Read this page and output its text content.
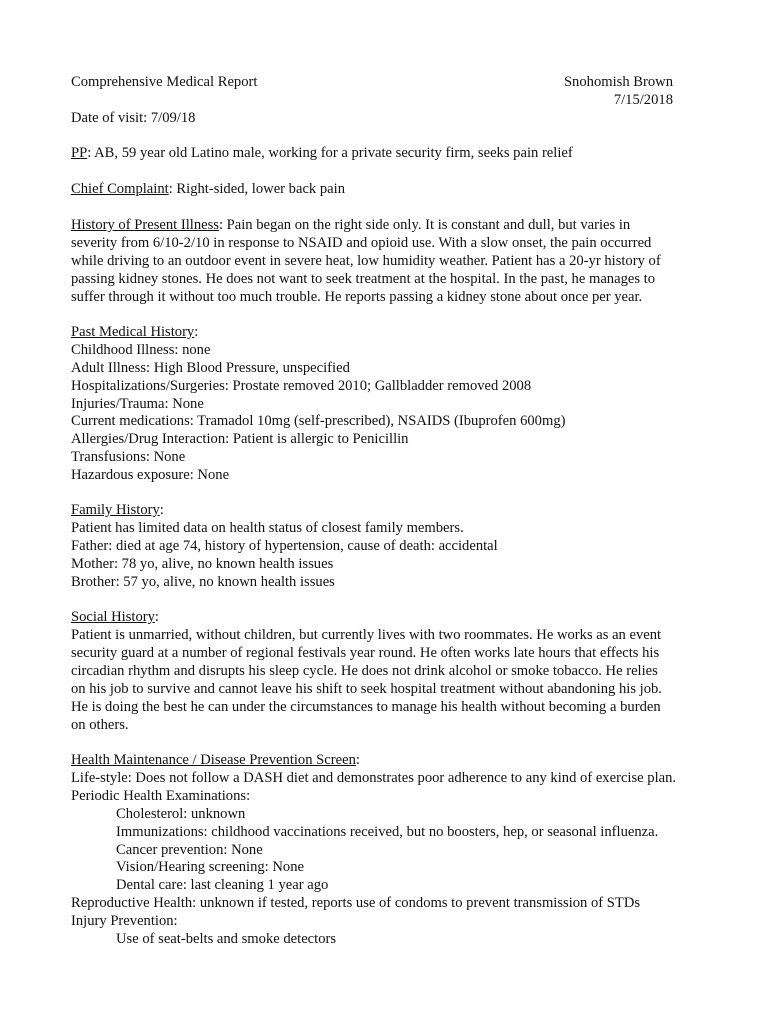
Comprehensive Medical Report	Snohomish Brown
7/15/2018
Date of visit: 7/09/18
PP: AB, 59 year old Latino male, working for a private security firm, seeks pain relief
Chief Complaint: Right-sided, lower back pain
History of Present Illness: Pain began on the right side only. It is constant and dull, but varies in
severity from 6/10-2/10 in response to NSAID and opioid use. With a slow onset, the pain occurred
while driving to an outdoor event in severe heat, low humidity weather. Patient has a 20-yr history of
passing kidney stones. He does not want to seek treatment at the hospital. In the past, he manages to
suffer through it without too much trouble. He reports passing a kidney stone about once per year.
Past Medical History:
Childhood Illness: none
Adult Illness: High Blood Pressure, unspecified
Hospitalizations/Surgeries: Prostate removed 2010; Gallbladder removed 2008
Injuries/Trauma: None
Current medications: Tramadol 10mg (self-prescribed), NSAIDS (Ibuprofen 600mg)
Allergies/Drug Interaction: Patient is allergic to Penicillin
Transfusions: None
Hazardous exposure: None
Family History:
Patient has limited data on health status of closest family members.
Father: died at age 74, history of hypertension, cause of death: accidental
Mother: 78 yo, alive, no known health issues
Brother: 57 yo, alive, no known health issues
Social History:
Patient is unmarried, without children, but currently lives with two roommates. He works as an event
security guard at a number of regional festivals year round. He often works late hours that effects his
circadian rhythm and disrupts his sleep cycle. He does not drink alcohol or smoke tobacco. He relies
on his job to survive and cannot leave his shift to seek hospital treatment without abandoning his job.
He is doing the best he can under the circumstances to manage his health without becoming a burden
on others.
Health Maintenance / Disease Prevention Screen:
Life-style: Does not follow a DASH diet and demonstrates poor adherence to any kind of exercise plan.
Periodic Health Examinations:
Cholesterol: unknown
Immunizations: childhood vaccinations received, but no boosters, hep, or seasonal influenza.
Cancer prevention: None
Vision/Hearing screening: None
Dental care: last cleaning 1 year ago
Reproductive Health: unknown if tested, reports use of condoms to prevent transmission of STDs
Injury Prevention:
Use of seat-belts and smoke detectors
